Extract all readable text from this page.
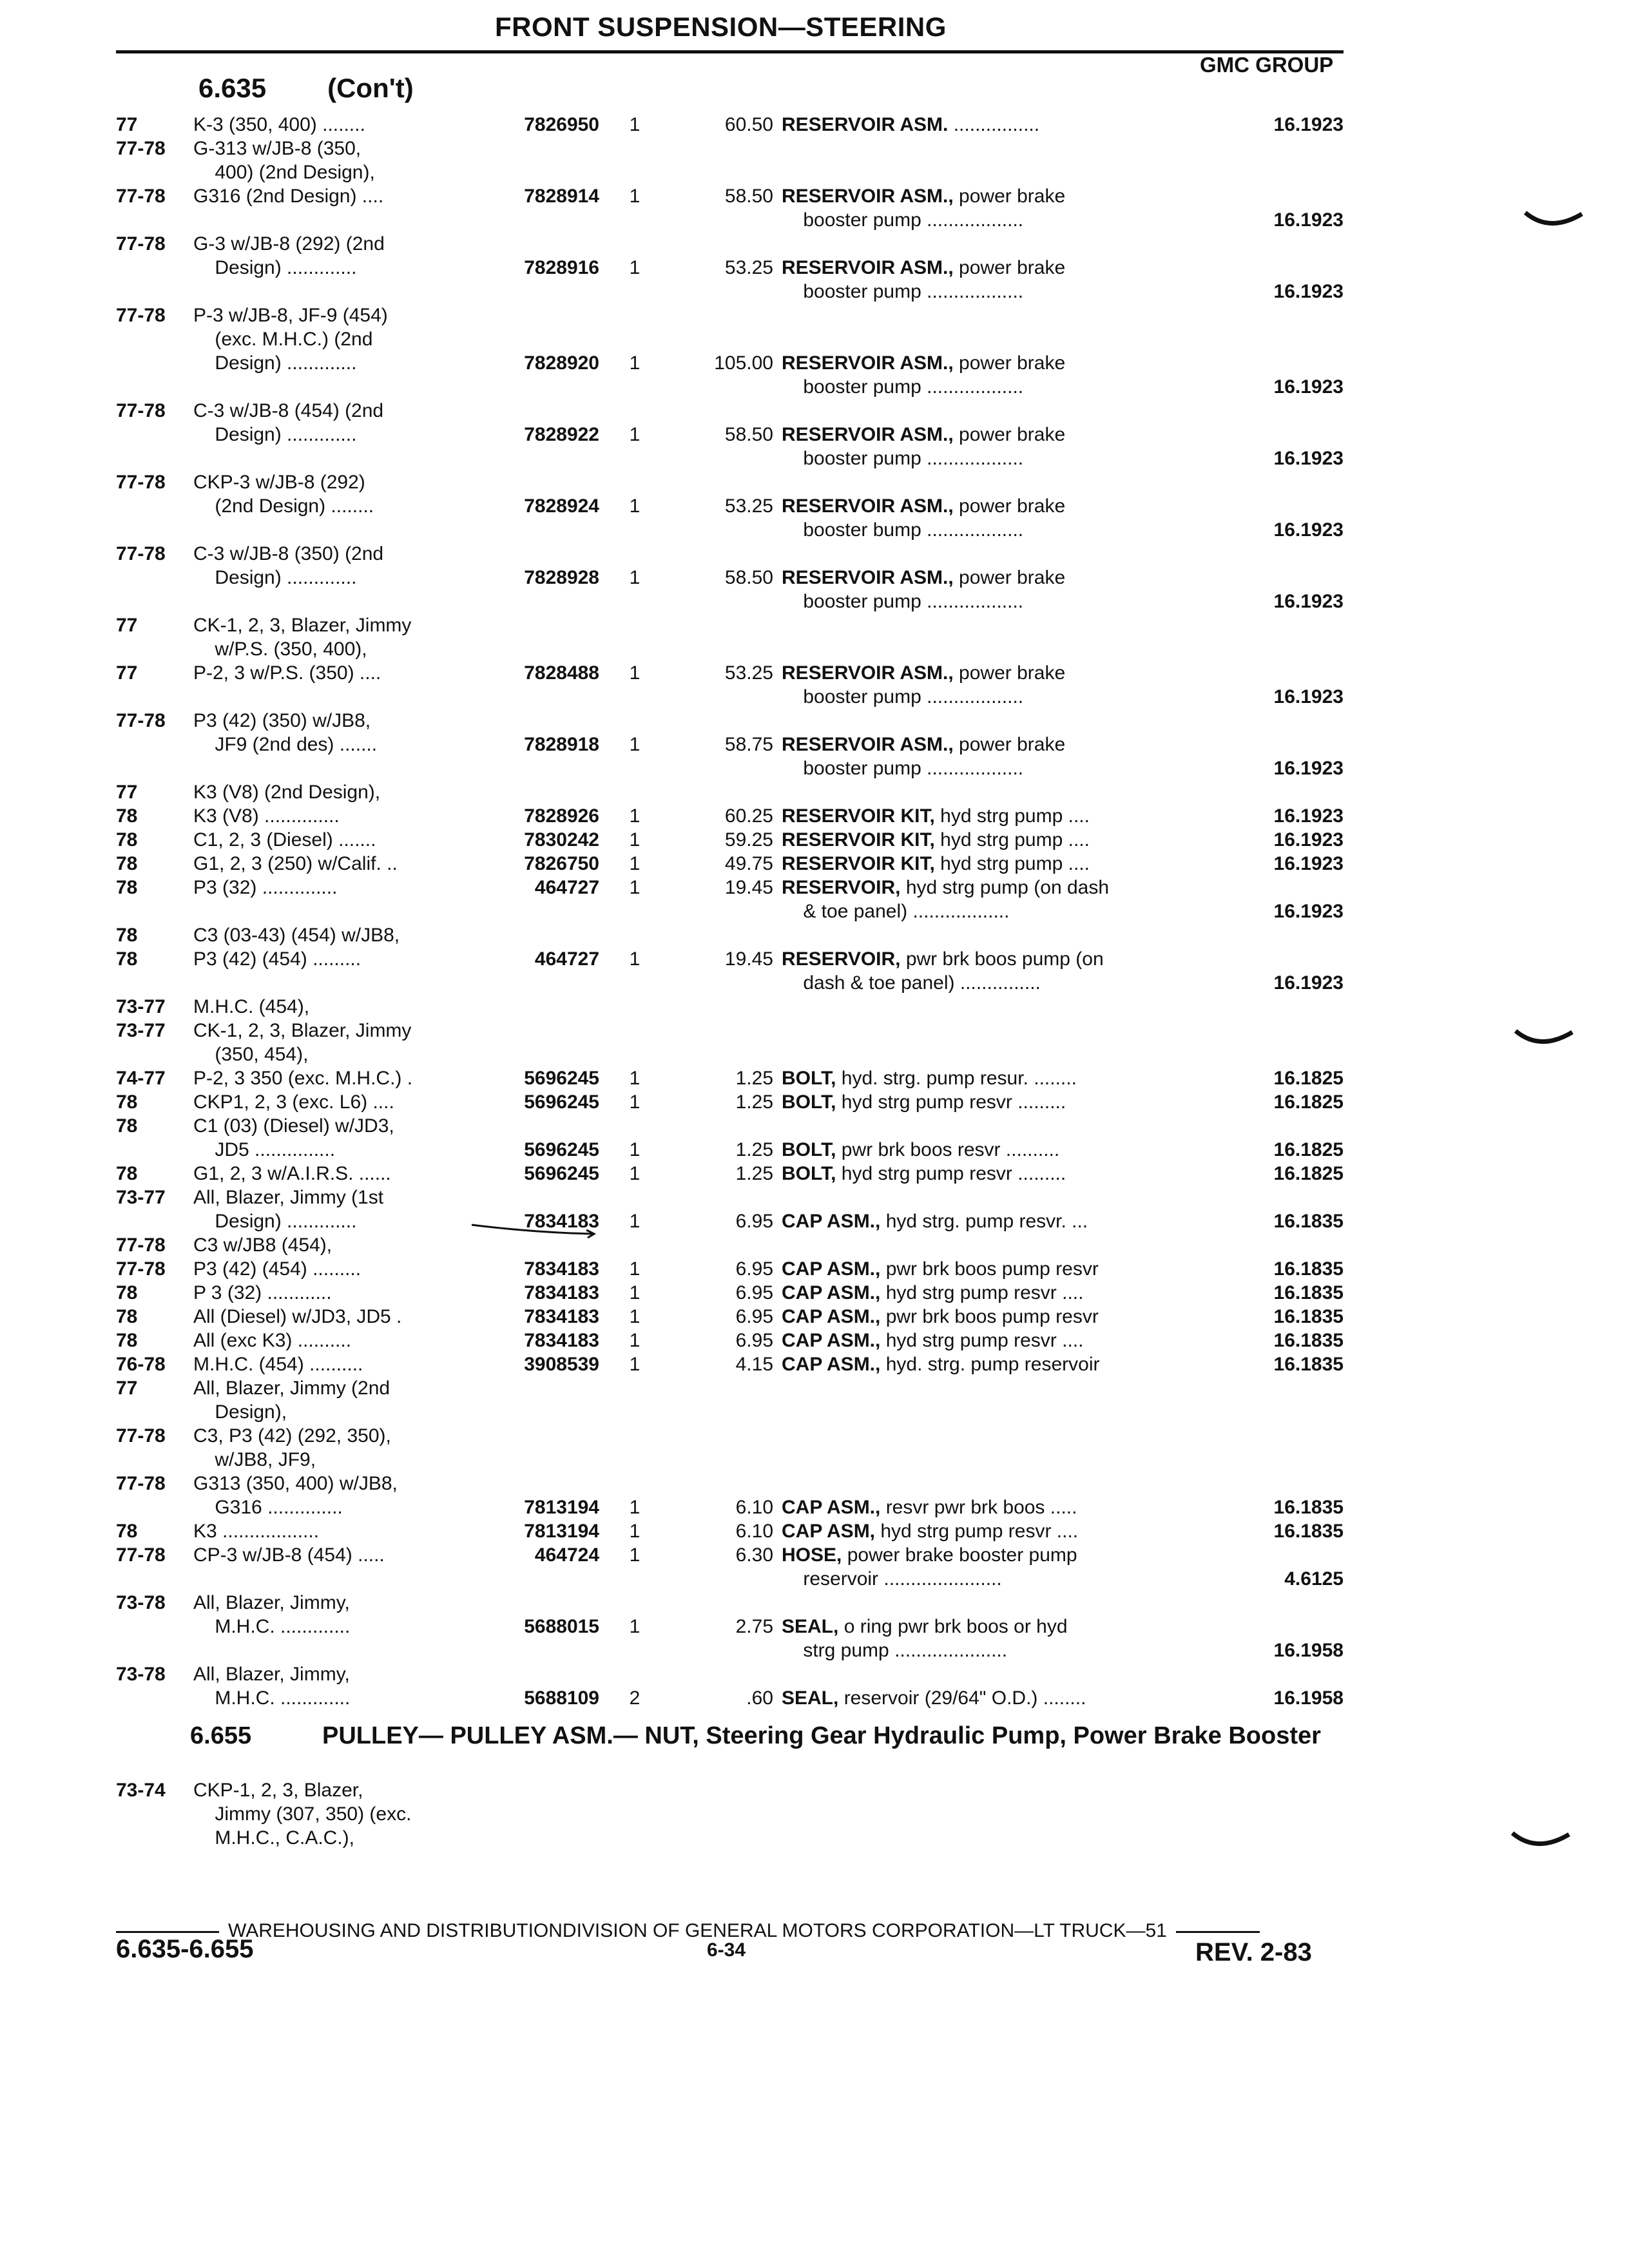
FRONT SUSPENSION—STEERING
GMC GROUP
6.635 (Con't)
77	K-3 (350, 400) ........	7826950	1	60.50 RESERVOIR ASM. ................	16.1923
77-78 G-313 w/JB-8 (350,
400) (2nd Design),
77-78 G316 (2nd Design) ....	7828914	1	58.50 RESERVOIR ASM., power brake
booster pump ..................	16.1923
77-78 G-3 w/JB-8 (292) (2nd
Design) .............	7828916	1	53.25 RESERVOIR ASM., power brake
booster pump ..................	16.1923
77-78 P-3 w/JB-8, JF-9 (454)
(exc. M.H.C.) (2nd
Design) .............	7828920	1	105.00 RESERVOIR ASM., power brake
booster pump ..................	16.1923
77-78 C-3 w/JB-8 (454) (2nd
Design) .............	7828922	1	58.50 RESERVOIR ASM., power brake
booster pump ..................	16.1923
77-78 CKP-3 w/JB-8 (292)
(2nd Design) ........	7828924	1	53.25 RESERVOIR ASM., power brake
booster bump ..................	16.1923
77-78 C-3 w/JB-8 (350) (2nd
Design) .............	7828928	1	58.50 RESERVOIR ASM., power brake
booster pump ..................	16.1923
77	CK-1, 2, 3, Blazer, Jimmy
w/P.S. (350, 400),
77	P-2, 3 w/P.S. (350) ....	7828488	1	53.25 RESERVOIR ASM., power brake
booster pump ..................	16.1923
77-78 P3 (42) (350) w/JB8,
JF9 (2nd des) .......	7828918	1	58.75 RESERVOIR ASM., power brake
booster pump ..................	16.1923
77	K3 (V8) (2nd Design),
78	K3 (V8) ..............	7828926	1	60.25 RESERVOIR KIT, hyd strg pump ....	16.1923
78	C1, 2, 3 (Diesel) .......	7830242	1	59.25 RESERVOIR KIT, hyd strg pump ....	16.1923
78	G1, 2, 3 (250) w/Calif. ..	7826750	1	49.75 RESERVOIR KIT, hyd strg pump ....	16.1923
78	P3 (32) ..............	464727	1	19.45 RESERVOIR, hyd strg pump (on dash
& toe panel) ..................	16.1923
78	C3 (03-43) (454) w/JB8,
78	P3 (42) (454) .........	464727	1	19.45 RESERVOIR, pwr brk boos pump (on
dash & toe panel) ...............	16.1923
73-77 M.H.C. (454),
73-77 CK-1, 2, 3, Blazer, Jimmy
(350, 454),
74-77 P-2, 3 350 (exc. M.H.C.) .	5696245	1	1.25 BOLT, hyd. strg. pump resur. ........	16.1825
78	CKP1, 2, 3 (exc. L6) ....	5696245	1	1.25 BOLT, hyd strg pump resvr .........	16.1825
78	C1 (03) (Diesel) w/JD3,
JD5 ...............	5696245	1	1.25 BOLT, pwr brk boos resvr ..........	16.1825
78	G1, 2, 3 w/A.I.R.S. ......	5696245	1	1.25 BOLT, hyd strg pump resvr .........	16.1825
73-77 All, Blazer, Jimmy (1st
Design) .............	7834183	1	6.95 CAP ASM., hyd strg. pump resvr. ...	16.1835
77-78 C3 w/JB8 (454),
77-78 P3 (42) (454) .........	7834183	1	6.95 CAP ASM., pwr brk boos pump resvr	16.1835
78	P 3 (32) ............	7834183	1	6.95 CAP ASM., hyd strg pump resvr ....	16.1835
78	All (Diesel) w/JD3, JD5 .	7834183	1	6.95 CAP ASM., pwr brk boos pump resvr	16.1835
78	All (exc K3) ..........	7834183	1	6.95 CAP ASM., hyd strg pump resvr ....	16.1835
76-78 M.H.C. (454) ..........	3908539	1	4.15 CAP ASM., hyd. strg. pump reservoir	16.1835
77	All, Blazer, Jimmy (2nd
Design),
77-78 C3, P3 (42) (292, 350),
w/JB8, JF9,
77-78 G313 (350, 400) w/JB8,
G316 ..............	7813194	1	6.10 CAP ASM., resvr pwr brk boos .....	16.1835
78	K3 ..................	7813194	1	6.10 CAP ASM, hyd strg pump resvr ....	16.1835
77-78 CP-3 w/JB-8 (454) .....	464724	1	6.30 HOSE, power brake booster pump
reservoir ......................	4.6125
73-78 All, Blazer, Jimmy,
M.H.C. .............	5688015	1	2.75 SEAL, o ring pwr brk boos or hyd
strg pump .....................	16.1958
73-78 All, Blazer, Jimmy,
M.H.C. .............	5688109	2	.60 SEAL, reservoir (29/64" O.D.) ........	16.1958
6.655	PULLEY— PULLEY ASM.— NUT, Steering Gear Hydraulic Pump, Power Brake Booster
73-74 CKP-1, 2, 3, Blazer,
Jimmy (307, 350) (exc.
M.H.C., C.A.C.),
WAREHOUSING AND DISTRIBUTIONDIVISION OF GENERAL MOTORS CORPORATION—LT TRUCK—51
6.635-6.655	6-34	REV. 2-83
